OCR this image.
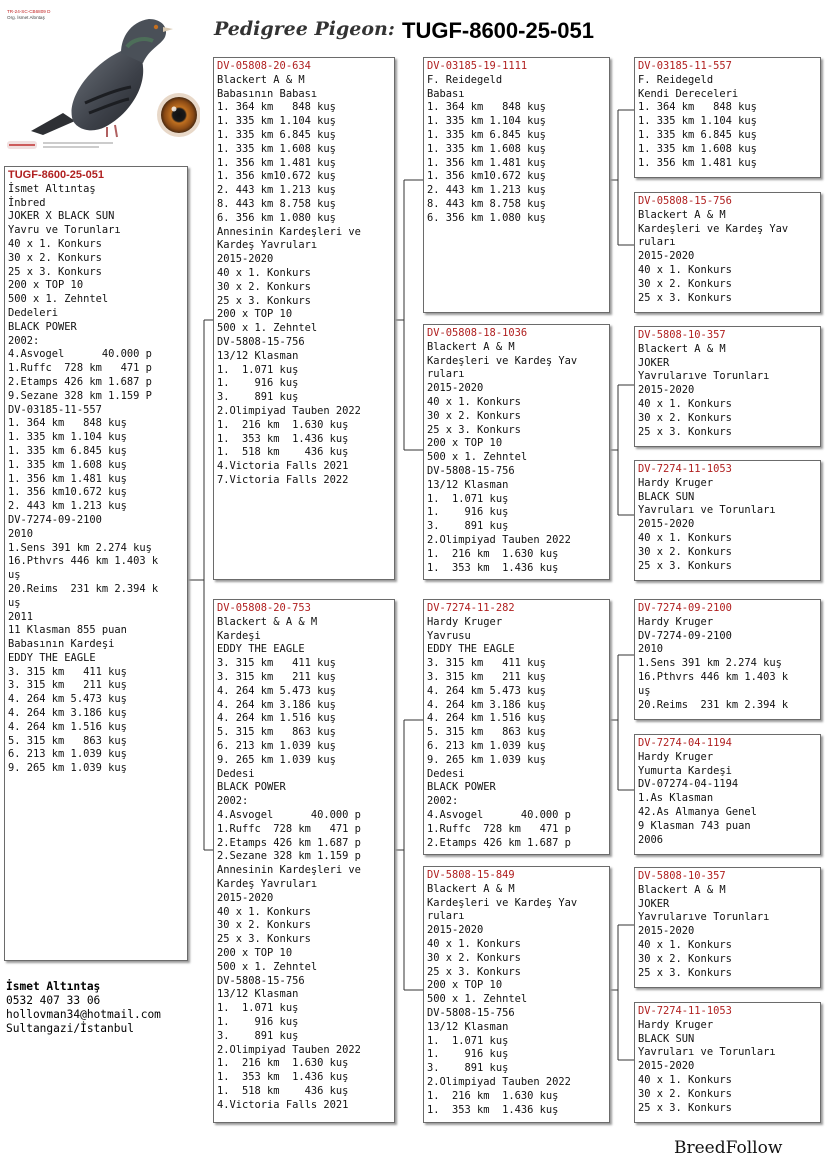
Pedigree Pigeon: TUGF-8600-25-051
TR-24-SC-CB6809 D
Org. İsmet Altıntaş
TUGF-8600-25-051
İsmet Altıntaş
İnbred
JOKER X BLACK SUN
Yavru ve Torunları
40 x 1. Konkurs
30 x 2. Konkurs
25 x 3. Konkurs
200 x TOP 10
500 x 1. Zehntel
Dedeleri
BLACK POWER
2002:
4.Asvogel      40.000 p
1.Ruffc  728 km   471 p
2.Etamps 426 km 1.687 p
9.Sezane 328 km 1.159 P
DV-03185-11-557
1. 364 km   848 kuş
1. 335 km 1.104 kuş
1. 335 km 6.845 kuş
1. 335 km 1.608 kuş
1. 356 km 1.481 kuş
1. 356 km10.672 kuş
2. 443 km 1.213 kuş
DV-7274-09-2100
2010
1.Sens 391 km 2.274 kuş
16.Pthvrs 446 km 1.403 k
uş
20.Reims  231 km 2.394 k
uş
2011
11 Klasman 855 puan
Babasının Kardeşi
EDDY THE EAGLE
3. 315 km   411 kuş
3. 315 km   211 kuş
4. 264 km 5.473 kuş
4. 264 km 3.186 kuş
4. 264 km 1.516 kuş
5. 315 km   863 kuş
6. 213 km 1.039 kuş
9. 265 km 1.039 kuş
DV-05808-20-634
Blackert A & M
Babasının Babası
1. 364 km   848 kuş
1. 335 km 1.104 kuş
1. 335 km 6.845 kuş
1. 335 km 1.608 kuş
1. 356 km 1.481 kuş
1. 356 km10.672 kuş
2. 443 km 1.213 kuş
8. 443 km 8.758 kuş
6. 356 km 1.080 kuş
Annesinin Kardeşleri ve
Kardeş Yavruları
2015-2020
40 x 1. Konkurs
30 x 2. Konkurs
25 x 3. Konkurs
200 x TOP 10
500 x 1. Zehntel
DV-5808-15-756
13/12 Klasman
1.  1.071 kuş
1.    916 kuş
3.    891 kuş
2.Olimpiyad Tauben 2022
1.  216 km  1.630 kuş
1.  353 km  1.436 kuş
1.  518 km    436 kuş
4.Victoria Falls 2021
7.Victoria Falls 2022
DV-05808-20-753
Blackert & A & M
Kardeşi
EDDY THE EAGLE
3. 315 km   411 kuş
3. 315 km   211 kuş
4. 264 km 5.473 kuş
4. 264 km 3.186 kuş
4. 264 km 1.516 kuş
5. 315 km   863 kuş
6. 213 km 1.039 kuş
9. 265 km 1.039 kuş
Dedesi
BLACK POWER
2002:
4.Asvogel      40.000 p
1.Ruffc  728 km   471 p
2.Etamps 426 km 1.687 p
2.Sezane 328 km 1.159 p
Annesinin Kardeşleri ve
Kardeş Yavruları
2015-2020
40 x 1. Konkurs
30 x 2. Konkurs
25 x 3. Konkurs
200 x TOP 10
500 x 1. Zehntel
DV-5808-15-756
13/12 Klasman
1.  1.071 kuş
1.    916 kuş
3.    891 kuş
2.Olimpiyad Tauben 2022
1.  216 km  1.630 kuş
1.  353 km  1.436 kuş
1.  518 km    436 kuş
4.Victoria Falls 2021
DV-03185-19-1111
F. Reidegeld
Babası
1. 364 km   848 kuş
1. 335 km 1.104 kuş
1. 335 km 6.845 kuş
1. 335 km 1.608 kuş
1. 356 km 1.481 kuş
1. 356 km10.672 kuş
2. 443 km 1.213 kuş
8. 443 km 8.758 kuş
6. 356 km 1.080 kuş
DV-05808-18-1036
Blackert A & M
Kardeşleri ve Kardeş Yav
ruları
2015-2020
40 x 1. Konkurs
30 x 2. Konkurs
25 x 3. Konkurs
200 x TOP 10
500 x 1. Zehntel
DV-5808-15-756
13/12 Klasman
1.  1.071 kuş
1.    916 kuş
3.    891 kuş
2.Olimpiyad Tauben 2022
1.  216 km  1.630 kuş
1.  353 km  1.436 kuş
DV-7274-11-282
Hardy Kruger
Yavrusu
EDDY THE EAGLE
3. 315 km   411 kuş
3. 315 km   211 kuş
4. 264 km 5.473 kuş
4. 264 km 3.186 kuş
4. 264 km 1.516 kuş
5. 315 km   863 kuş
6. 213 km 1.039 kuş
9. 265 km 1.039 kuş
Dedesi
BLACK POWER
2002:
4.Asvogel      40.000 p
1.Ruffc  728 km   471 p
2.Etamps 426 km 1.687 p
DV-5808-15-849
Blackert A & M
Kardeşleri ve Kardeş Yav
ruları
2015-2020
40 x 1. Konkurs
30 x 2. Konkurs
25 x 3. Konkurs
200 x TOP 10
500 x 1. Zehntel
DV-5808-15-756
13/12 Klasman
1.  1.071 kuş
1.    916 kuş
3.    891 kuş
2.Olimpiyad Tauben 2022
1.  216 km  1.630 kuş
1.  353 km  1.436 kuş
DV-03185-11-557
F. Reidegeld
Kendi Dereceleri
1. 364 km   848 kuş
1. 335 km 1.104 kuş
1. 335 km 6.845 kuş
1. 335 km 1.608 kuş
1. 356 km 1.481 kuş
DV-05808-15-756
Blackert A & M
Kardeşleri ve Kardeş Yav
ruları
2015-2020
40 x 1. Konkurs
30 x 2. Konkurs
25 x 3. Konkurs
DV-5808-10-357
Blackert A & M
JOKER
Yavrularıve Torunları
2015-2020
40 x 1. Konkurs
30 x 2. Konkurs
25 x 3. Konkurs
DV-7274-11-1053
Hardy Kruger
BLACK SUN
Yavruları ve Torunları
2015-2020
40 x 1. Konkurs
30 x 2. Konkurs
25 x 3. Konkurs
DV-7274-09-2100
Hardy Kruger
DV-7274-09-2100
2010
1.Sens 391 km 2.274 kuş
16.Pthvrs 446 km 1.403 k
uş
20.Reims  231 km 2.394 k
DV-7274-04-1194
Hardy Kruger
Yumurta Kardeşi
DV-07274-04-1194
1.As Klasman
42.As Almanya Genel
9 Klasman 743 puan
2006
DV-5808-10-357
Blackert A & M
JOKER
Yavrularıve Torunları
2015-2020
40 x 1. Konkurs
30 x 2. Konkurs
25 x 3. Konkurs
DV-7274-11-1053
Hardy Kruger
BLACK SUN
Yavruları ve Torunları
2015-2020
40 x 1. Konkurs
30 x 2. Konkurs
25 x 3. Konkurs
İsmet Altıntaş
0532 407 33 06
hollovman34@hotmail.com
Sultangazi/İstanbul
BreedFollow
